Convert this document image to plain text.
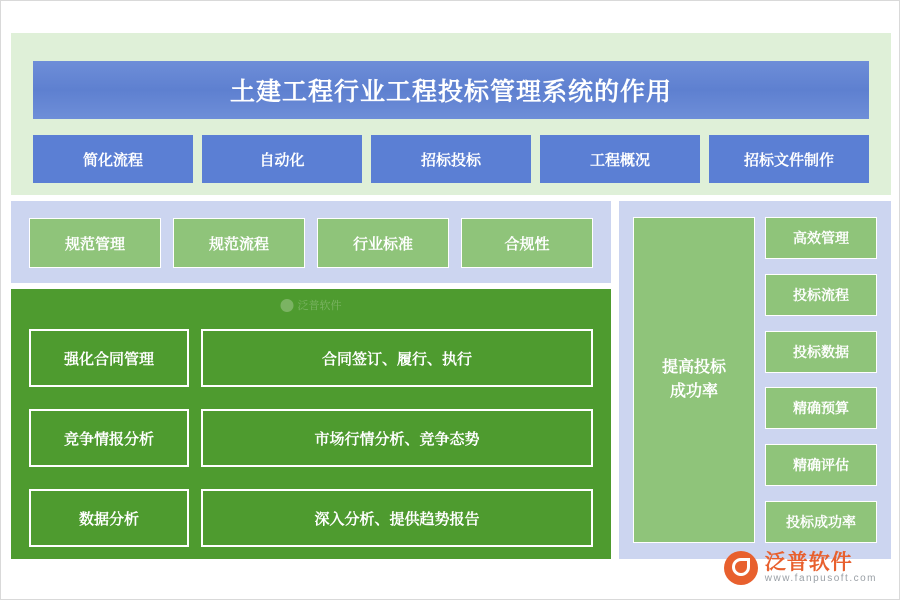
土建工程行业工程投标管理系统的作用
简化流程	自动化	招标投标	工程概况	招标文件制作
规范管理	规范流程	行业标准	合规性
泛普软件
强化合同管理	合同签订、履行、执行
竞争情报分析	市场行情分析、竞争态势
数据分析	深入分析、提供趋势报告
提高投标
成功率
高效管理
投标流程
投标数据
精确预算
精确评估
投标成功率
泛普软件
www.fanpusoft.com
